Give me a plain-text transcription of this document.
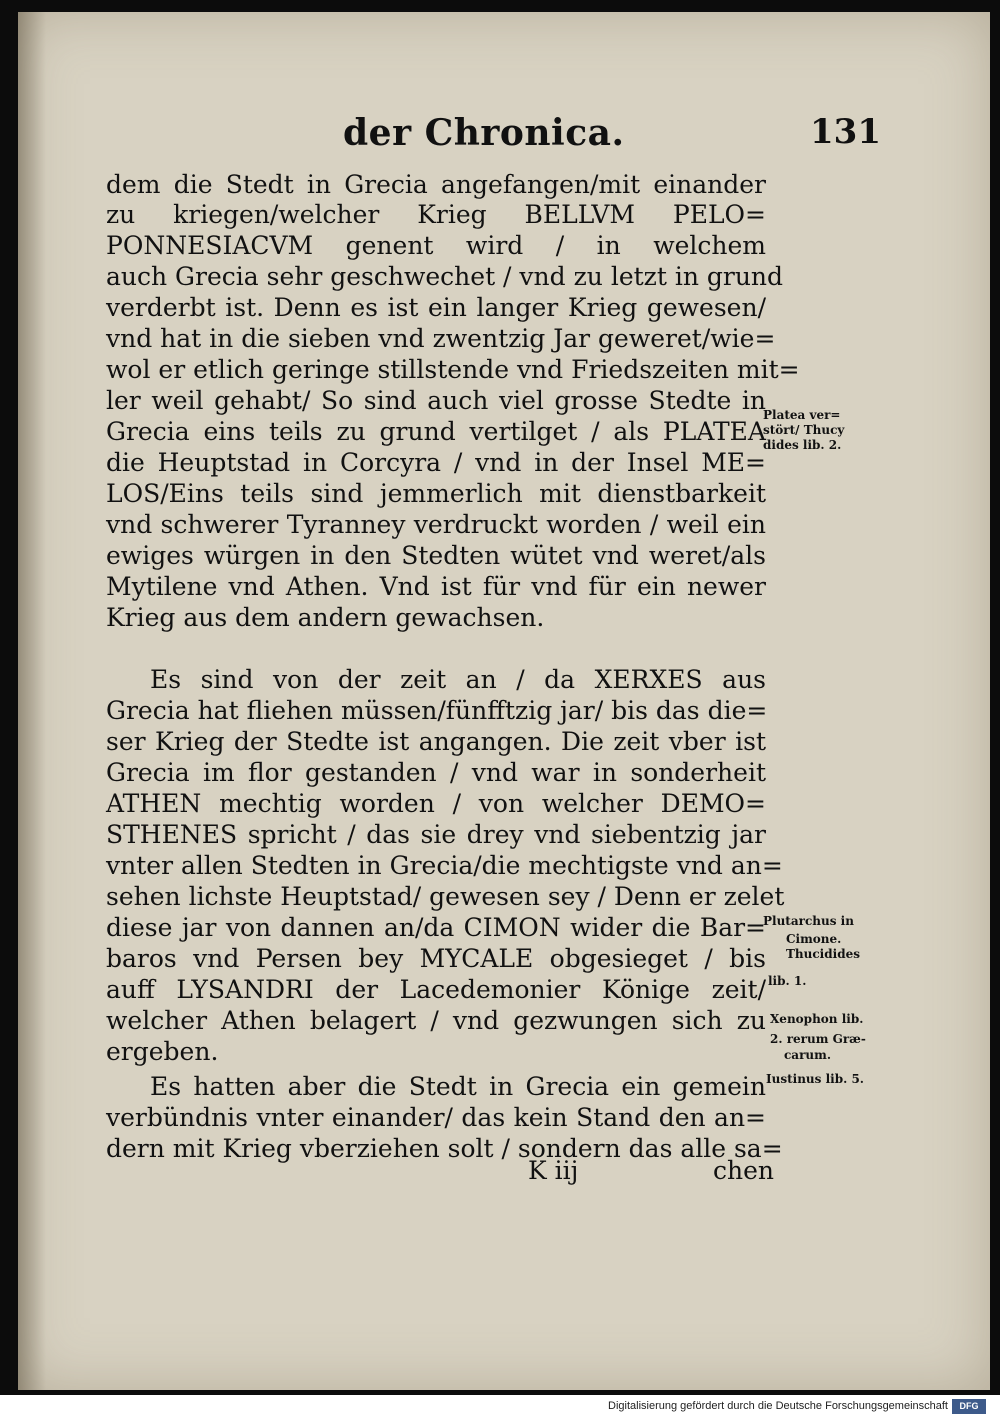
der Chronica.	131
dem die Stedt in Grecia angefangen/mit einander
zu kriegen/welcher Krieg BELLVM PELO=
PONNESIACVM genent wird / in welchem
auch Grecia sehr geschwechet / vnd zu letzt in grund
verderbt ist. Denn es ist ein langer Krieg gewesen/
vnd hat in die sieben vnd zwentzig Jar geweret/wie=
wol er etlich geringe stillstende vnd Friedszeiten mit=
ler weil gehabt/ So sind auch viel grosse Stedte in
Grecia eins teils zu grund vertilget / als PLATEA
die Heuptstad in Corcyra / vnd in der Insel ME=
LOS/Eins teils sind jemmerlich mit dienstbarkeit
vnd schwerer Tyranney verdruckt worden / weil ein
ewiges würgen in den Stedten wütet vnd weret/als
Mytilene vnd Athen. Vnd ist für vnd für ein newer
Krieg aus dem andern gewachsen.
Es sind von der zeit an / da XERXES aus
Grecia hat fliehen müssen/fünfftzig jar/ bis das die=
ser Krieg der Stedte ist angangen. Die zeit vber ist
Grecia im flor gestanden / vnd war in sonderheit
ATHEN mechtig worden / von welcher DEMO=
STHENES spricht / das sie drey vnd siebentzig jar
vnter allen Stedten in Grecia/die mechtigste vnd an=
sehen lichste Heuptstad/ gewesen sey / Denn er zelet
diese jar von dannen an/da CIMON wider die Bar=
baros vnd Persen bey MYCALE obgesieget / bis
auff LYSANDRI der Lacedemonier Könige zeit/
welcher Athen belagert / vnd gezwungen sich zu
ergeben.
Es hatten aber die Stedt in Grecia ein gemein
verbündnis vnter einander/ das kein Stand den an=
dern mit Krieg vberziehen solt / sondern das alle sa=
Platea ver=
stört/ Thucy
dides lib. 2.
Plutarchus in
Cimone.
Thucidides
lib. 1.
Xenophon lib.
2. rerum Græ-
carum.
Iustinus lib. 5.
K iij	chen
Digitalisierung gefördert durch die Deutsche Forschungsgemeinschaft	DFG
